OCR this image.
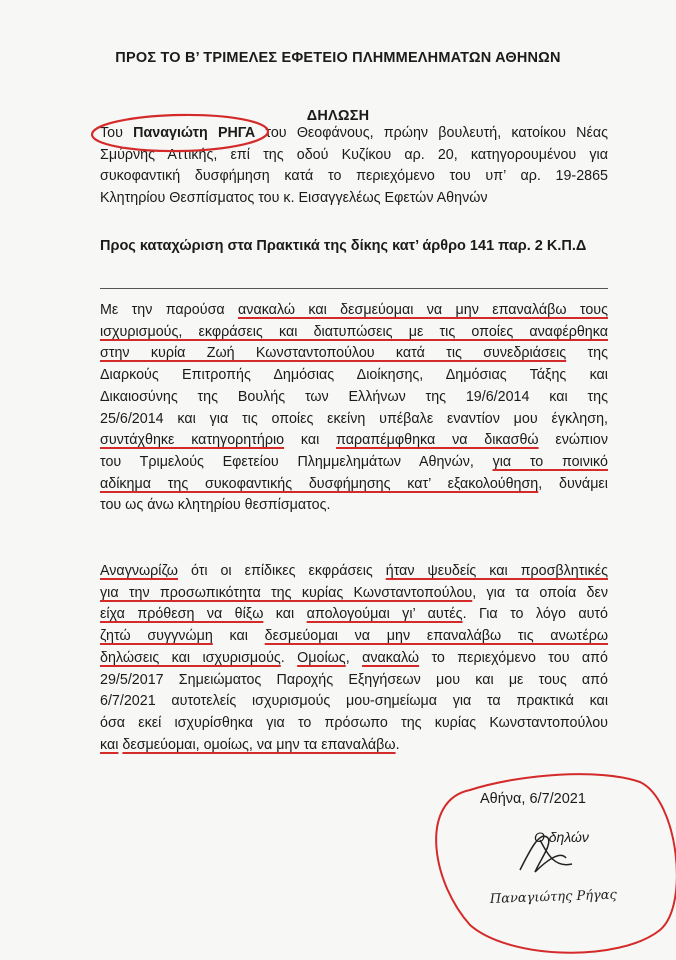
ΠΡΟΣ ΤΟ Β’ ΤΡΙΜΕΛΕΣ ΕΦΕΤΕΙΟ ΠΛΗΜΜΕΛΗΜΑΤΩΝ ΑΘΗΝΩΝ
ΔΗΛΩΣΗ
Του Παναγιώτη ΡΗΓΑ του Θεοφάνους, πρώην βουλευτή, κατοίκου Νέας
Σμύρνης Αττικής, επί της οδού Κυζίκου αρ. 20, κατηγορουμένου για
συκοφαντική δυσφήμηση κατά το περιεχόμενο του υπ’ αρ. 19-2865
Κλητηρίου Θεσπίσματος του κ. Εισαγγελέως Εφετών Αθηνών
Προς καταχώριση στα Πρακτικά της δίκης κατ’ άρθρο 141 παρ. 2 Κ.Π.Δ
Με την παρούσα ανακαλώ και δεσμεύομαι να μην επαναλάβω τους
ισχυρισμούς, εκφράσεις και διατυπώσεις με τις οποίες αναφέρθηκα
στην κυρία Ζωή Κωνσταντοπούλου κατά τις συνεδριάσεις της
Διαρκούς Επιτροπής Δημόσιας Διοίκησης, Δημόσιας Τάξης και
Δικαιοσύνης της Βουλής των Ελλήνων της 19/6/2014 και της
25/6/2014 και για τις οποίες εκείνη υπέβαλε εναντίον μου έγκληση,
συντάχθηκε κατηγορητήριο και παραπέμφθηκα να δικασθώ ενώπιον
του Τριμελούς Εφετείου Πλημμελημάτων Αθηνών, για το ποινικό
αδίκημα της συκοφαντικής δυσφήμησης κατ’ εξακολούθηση, δυνάμει
του ως άνω κλητηρίου θεσπίσματος.
Αναγνωρίζω ότι οι επίδικες εκφράσεις ήταν ψευδείς και προσβλητικές
για την προσωπικότητα της κυρίας Κωνσταντοπούλου, για τα οποία δεν
είχα πρόθεση να θίξω και απολογούμαι γι’ αυτές. Για το λόγο αυτό
ζητώ συγγνώμη και δεσμεύομαι να μην επαναλάβω τις ανωτέρω
δηλώσεις και ισχυρισμούς. Ομοίως, ανακαλώ το περιεχόμενο του από
29/5/2017 Σημειώματος Παροχής Εξηγήσεων μου και με τους από
6/7/2021 αυτοτελείς ισχυρισμούς μου-σημείωμα για τα πρακτικά και
όσα εκεί ισχυρίσθηκα για το πρόσωπο της κυρίας Κωνσταντοπούλου
και δεσμεύομαι, ομοίως, να μην τα επαναλάβω.
Αθήνα, 6/7/2021
Ο δηλών
Παναγιώτης Ρήγας
